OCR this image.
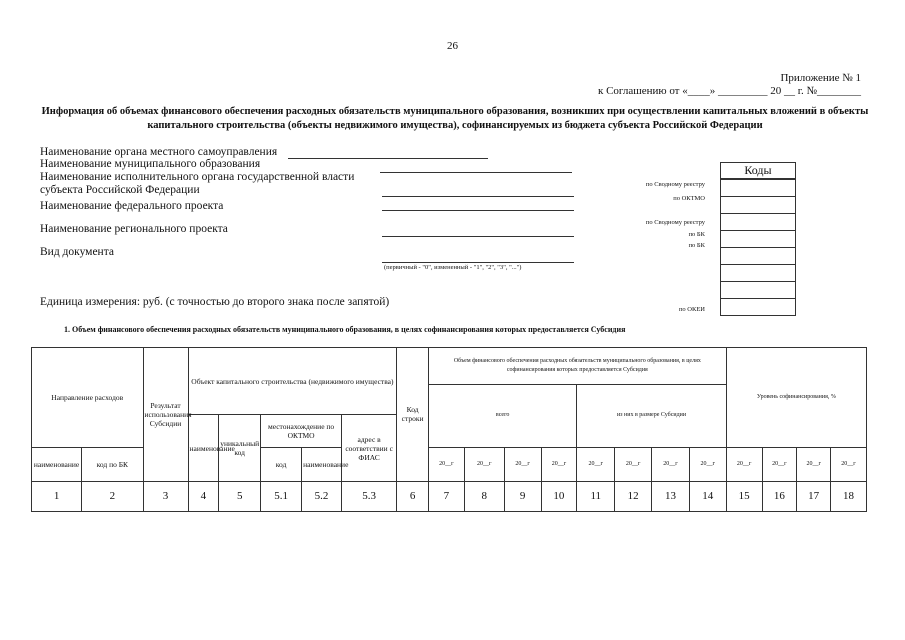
26
Приложение № 1
к Соглашению от «____» _________ 20 __ г. №________
Информация об объемах финансового обеспечения расходных обязательств муниципального образования, возникших при осуществлении капитальных вложений в объекты капитального строительства (объекты недвижимого имущества), софинансируемых из бюджета субъекта Российской Федерации
Наименование органа местного самоуправления
Наименование муниципального образования
Наименование исполнительного органа государственной власти
субъекта Российской Федерации
Наименование федерального проекта
Наименование регионального проекта
Вид документа
(первичный - "0", измененный - "1", "2", "3", "...")
Единица измерения: руб. (с точностью до второго знака после запятой)
по Сводному реестру
по ОКТМО
по Сводному реестру
по БК
по БК
по ОКЕИ
Коды

1. Объем финансового обеспечения расходных обязательств муниципального образования, в целях софинансирования которых предоставляется Субсидия
Направление расходов		Результат использования Субсидии	Объект капитального строительства (недвижимого имущества)					Код строки	Объем финансового обеспечения расходных обязательств муниципального образования, в целях софинансирования которых предоставляется Субсидия								Уровень софинансирования, %			
									всего				из них в размере Субсидии							
			наименование	уникальный код	местонахождение по ОКТМО		адрес в соответствии с ФИАС													
наименование	код по БК				код	наименование			20__г	20__г	20__г	20__г	20__г	20__г	20__г	20__г	20__г	20__г	20__г	20__г
1	2	3	4	5	5.1	5.2	5.3	6	7	8	9	10	11	12	13	14	15	16	17	18
